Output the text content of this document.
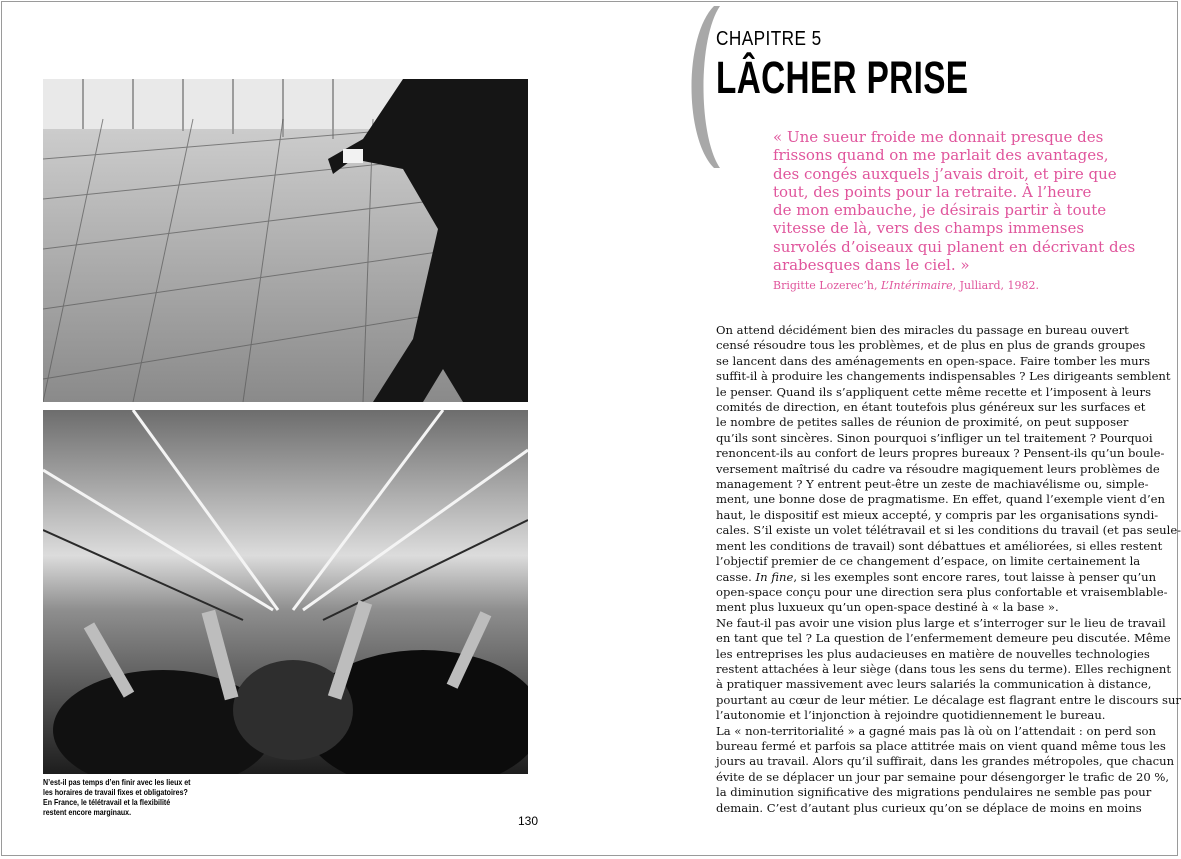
N’est-il pas temps d’en finir avec les lieux et
les horaires de travail fixes et obligatoires?
En France, le télétravail et la flexibilité
restent encore marginaux.
130
CHAPITRE 5
LÂCHER PRISE
« Une sueur froide me donnait presque des
frissons quand on me parlait des avantages,
des congés auxquels j’avais droit, et pire que
tout, des points pour la retraite. À l’heure
de mon embauche, je désirais partir à toute
vitesse de là, vers des champs immenses
survolés d’oiseaux qui planent en décrivant des
arabesques dans le ciel. »
Brigitte Lozerec’h, L’Intérimaire, Julliard, 1982.
On attend décidément bien des miracles du passage en bureau ouvert
censé résoudre tous les problèmes, et de plus en plus de grands groupes
se lancent dans des aménagements en open-space. Faire tomber les murs
suffit-il à produire les changements indispensables ? Les dirigeants semblent
le penser. Quand ils s’appliquent cette même recette et l’imposent à leurs
comités de direction, en étant toutefois plus généreux sur les surfaces et
le nombre de petites salles de réunion de proximité, on peut supposer
qu’ils sont sincères. Sinon pourquoi s’infliger un tel traitement ? Pourquoi
renoncent-ils au confort de leurs propres bureaux ? Pensent-ils qu’un boule-
versement maîtrisé du cadre va résoudre magiquement leurs problèmes de
management ? Y entrent peut-être un zeste de machiavélisme ou, simple-
ment, une bonne dose de pragmatisme. En effet, quand l’exemple vient d’en
haut, le dispositif est mieux accepté, y compris par les organisations syndi-
cales. S’il existe un volet télétravail et si les conditions du travail (et pas seule-
ment les conditions de travail) sont débattues et améliorées, si elles restent
l’objectif premier de ce changement d’espace, on limite certainement la
casse. In fine, si les exemples sont encore rares, tout laisse à penser qu’un
open-space conçu pour une direction sera plus confortable et vraisemblable-
ment plus luxueux qu’un open-space destiné à « la base ».
Ne faut-il pas avoir une vision plus large et s’interroger sur le lieu de travail
en tant que tel ? La question de l’enfermement demeure peu discutée. Même
les entreprises les plus audacieuses en matière de nouvelles technologies
restent attachées à leur siège (dans tous les sens du terme). Elles rechignent
à pratiquer massivement avec leurs salariés la communication à distance,
pourtant au cœur de leur métier. Le décalage est flagrant entre le discours sur
l’autonomie et l’injonction à rejoindre quotidiennement le bureau.
La « non-territorialité » a gagné mais pas là où on l’attendait : on perd son
bureau fermé et parfois sa place attitrée mais on vient quand même tous les
jours au travail. Alors qu’il suffirait, dans les grandes métropoles, que chacun
évite de se déplacer un jour par semaine pour désengorger le trafic de 20 %,
la diminution significative des migrations pendulaires ne semble pas pour
demain. C’est d’autant plus curieux qu’on se déplace de moins en moins
